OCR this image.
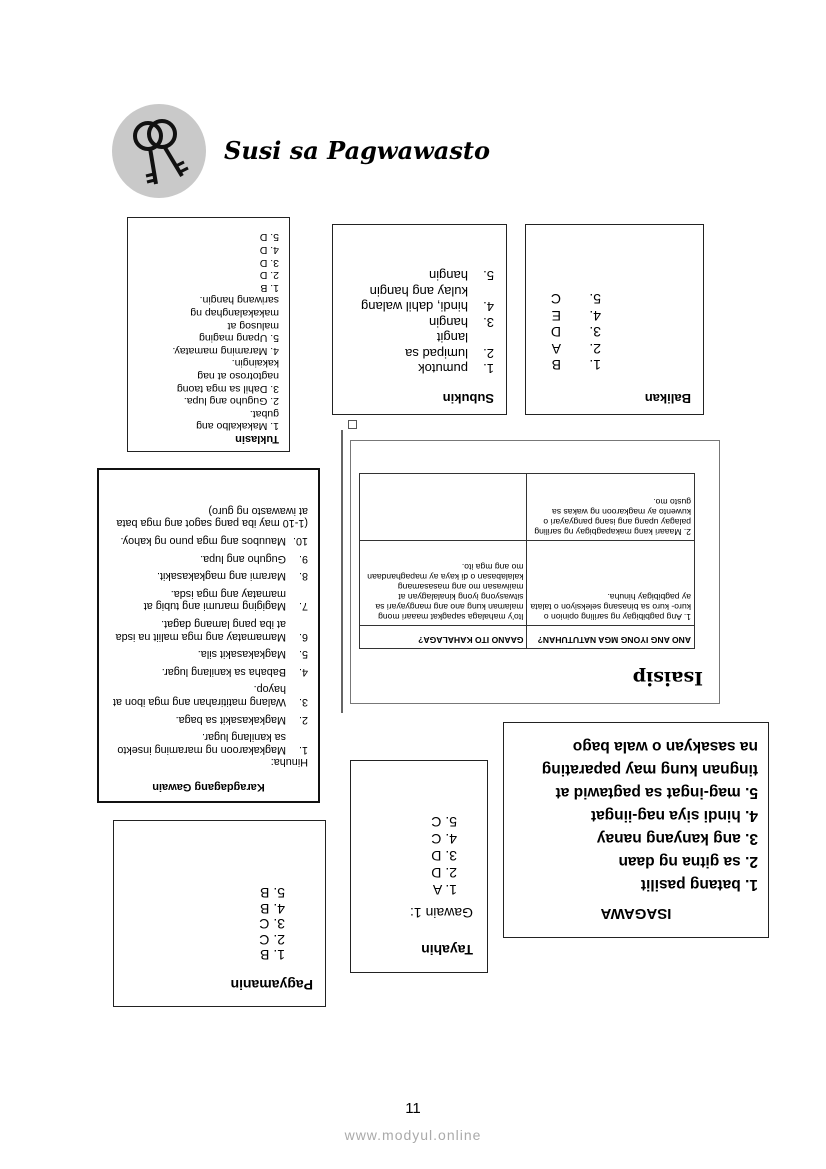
Susi sa Pagwawasto
Tuklasin
1. Makakalbo ang
gubat.
2. Guguho ang lupa.
3. Dahil sa mga taong
nagtotroso at nag
kakaingin.
4. Maraming mamatay.
5. Upang maging
malusog at
makakalanghap ng
sariwang hangin.
1. B
2. D
3. D
4. D
5. D
Subukin
1.
pumutok
2.
lumipad sa
langit
3.
hangin
4.
hindi, dahil walang
kulay ang hangin
5.
hangin
Balikan
1.
B
2.
A
3.
D
4.
E
5.
C
Karagdagang Gawain
Hinuha:
1.
Magkakaroon ng maraming insekto sa kanilang lugar.
2.
Magkakasakit sa baga.
3.
Walang matitirahan ang mga ibon at hayop.
4.
Babaha sa kanilang lugar.
5.
Magkakasakit sila.
6.
Mamamatay ang mga maliit na isda at iba pang lamang dagat.
7.
Magiging marumi ang tubig at mamatay ang mga isda.
8.
Marami ang magkakasakit.
9.
Guguho ang lupa.
10.
Mauubos ang mga puno ng kahoy.
(1-10 may iba pang sagot ang mga bata at iwawasto ng guro)
Isaisip
ANO ANG IYONG MGA NATUTUHAN?	GAANO ITO KAHALAGA?
1. Ang pagbibigay ng sariling opinion o kuro- kuro sa binasang seleksiyon o talata ay pagbibigay hinuha.	Ito'y mahalaga sapagkat maaari mong malaman kung ano ang mangyayari sa sitwasyong iyong kinalalagyan at maiiwasan mo ang masasamang kalalabasan o di kaya ay mapaghandaan mo ang mga ito.
2. Maaari kang makapagbigay ng sariling palagay upang ang isang pangyayari o kuwento ay magkaroon ng wakas sa gusto mo.	
ISAGAWA
1. batang pasilit
2. sa gitna ng daan
3. ang kanyang nanay
4. hindi siya nag-iingat
5. mag-ingat sa pagtawid at
tingnan kung may paparating
na sasakyan o wala bago
Tayahin
Gawain 1:
1. A
2. D
3. D
4. C
5. C
Pagyamanin
1. B
2. C
3. C
4. B
5. B
11
www.modyul.online
